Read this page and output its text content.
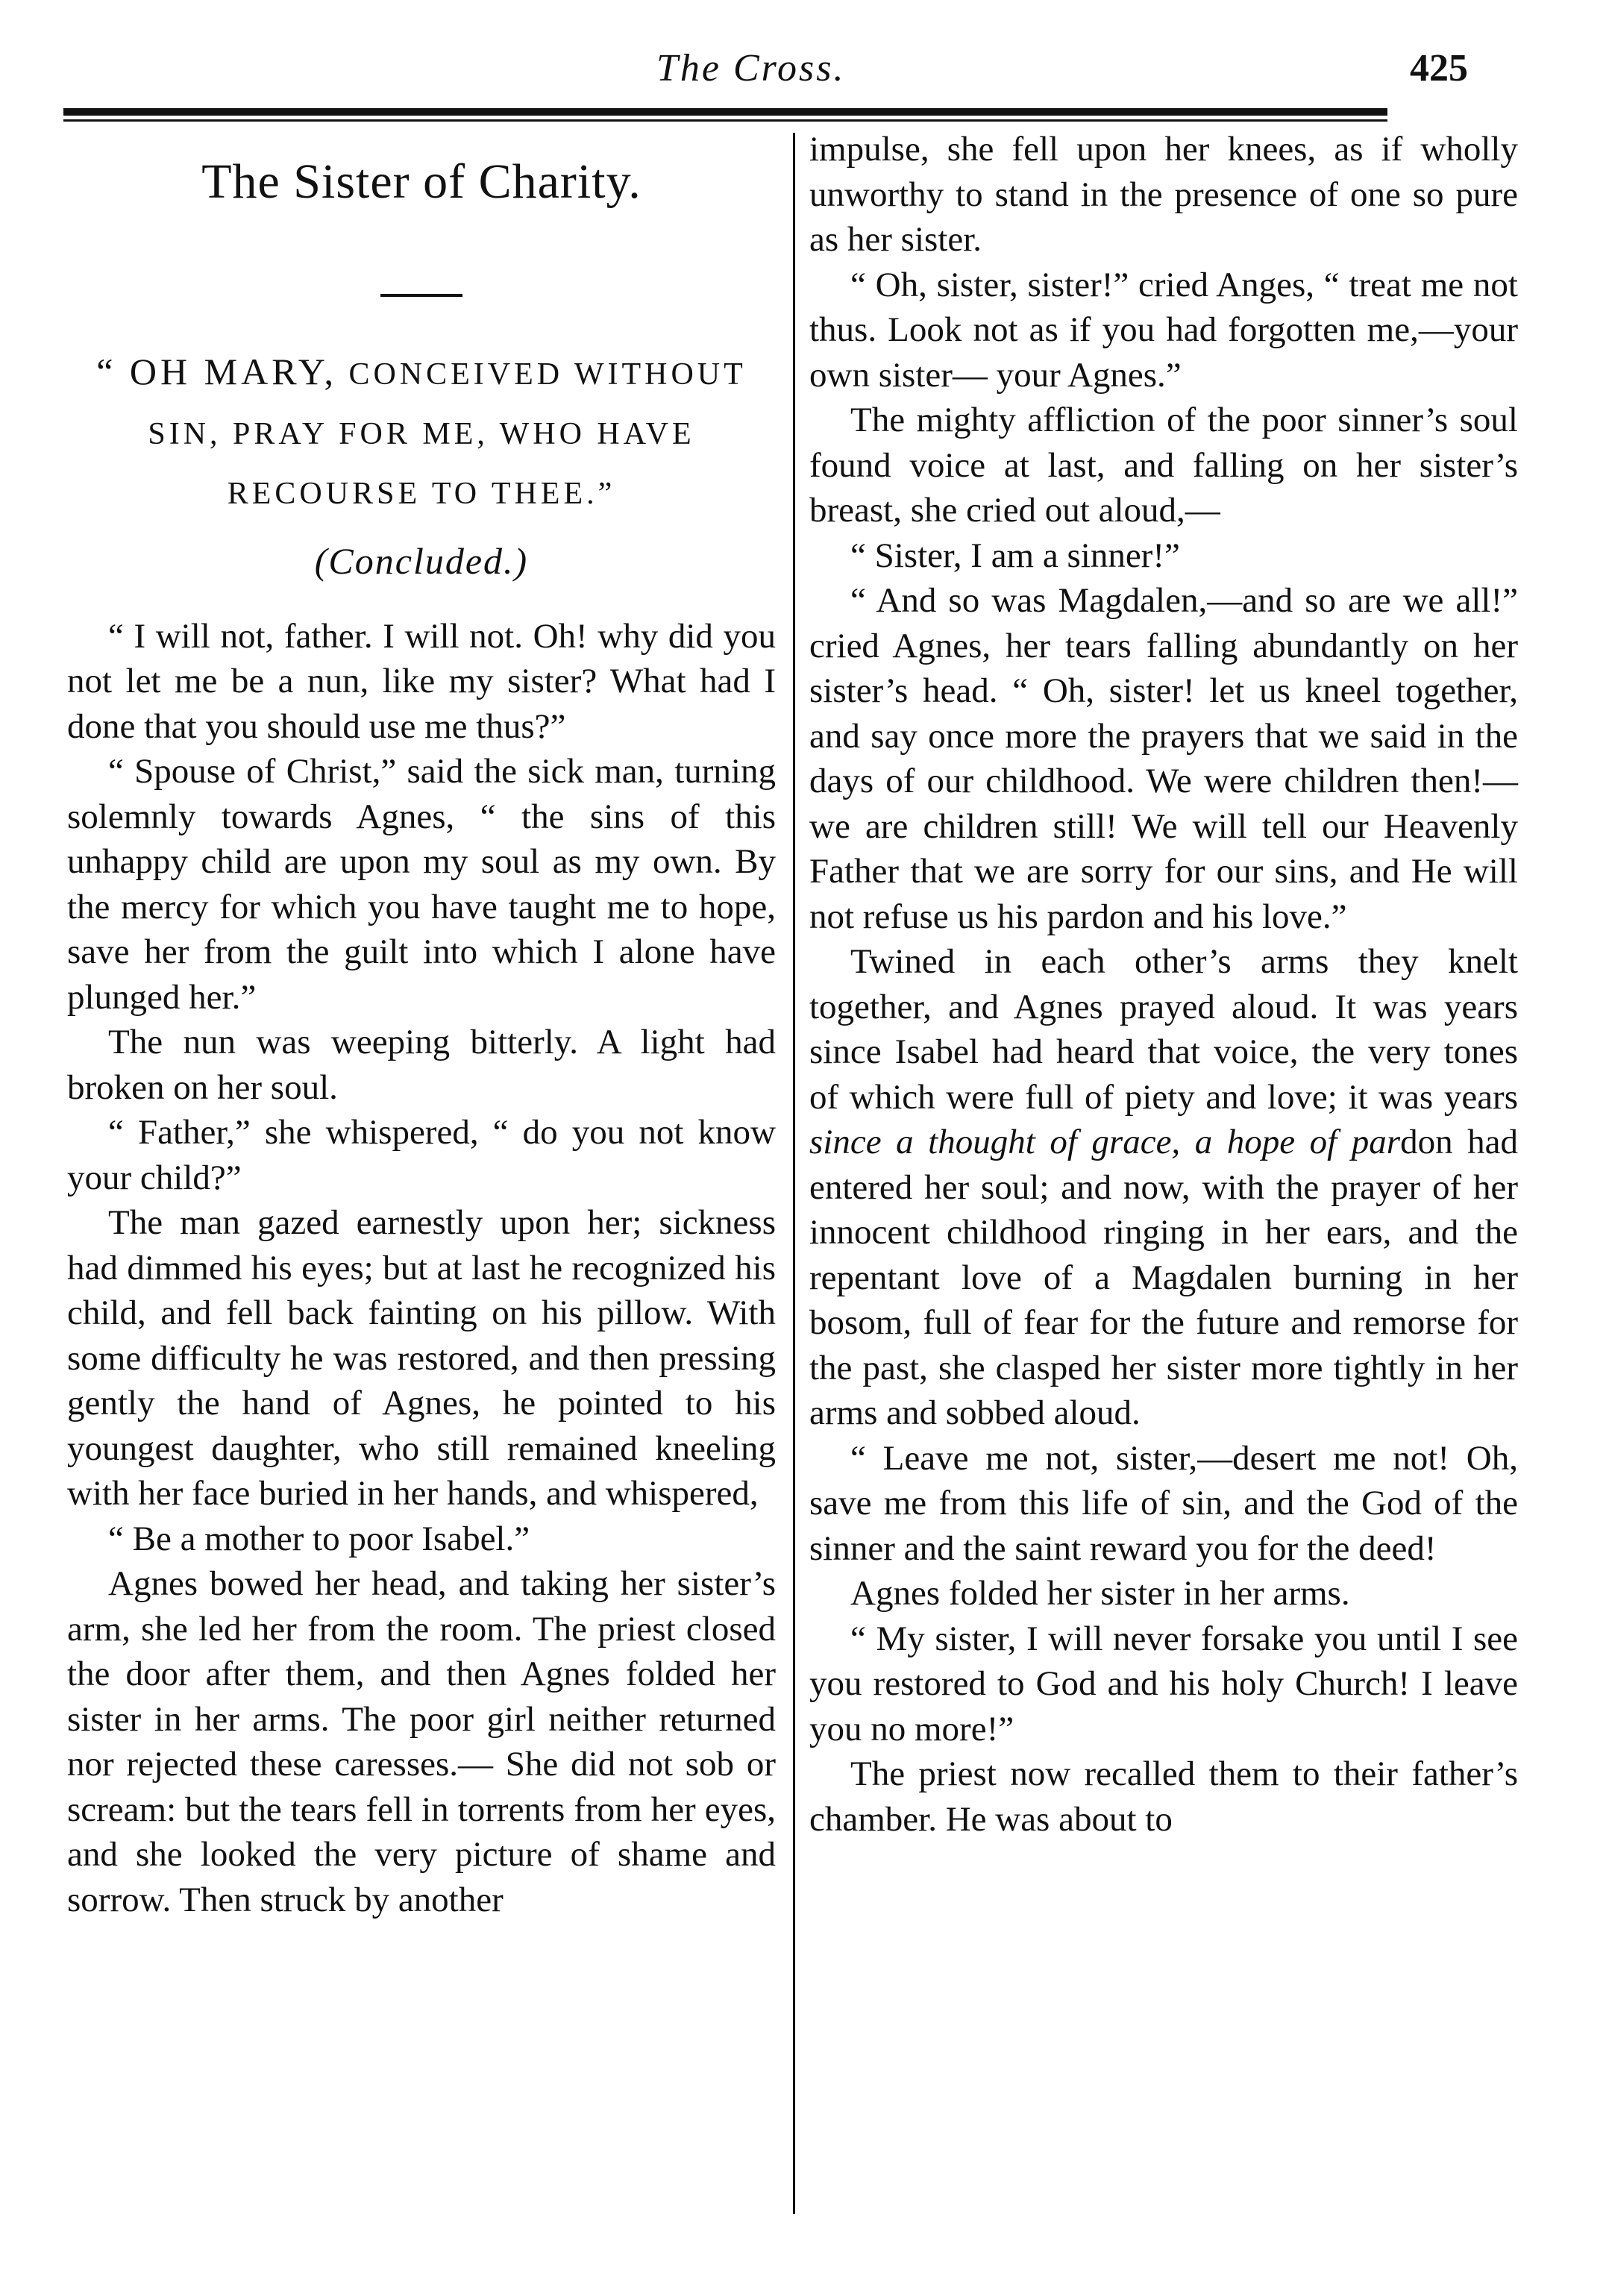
The Cross.	425
The Sister of Charity.
“ OH MARY, CONCEIVED WITHOUT SIN, PRAY FOR ME, WHO HAVE RECOURSE TO THEE.”
(Concluded.)

“ I will not, father. I will not. Oh! why did you not let me be a nun, like my sister? What had I done that you should use me thus?”

“ Spouse of Christ,” said the sick man, turning solemnly towards Agnes, “ the sins of this unhappy child are upon my soul as my own. By the mercy for which you have taught me to hope, save her from the guilt into which I alone have plunged her.”

The nun was weeping bitterly. A light had broken on her soul.

“ Father,” she whispered, “ do you not know your child?”

The man gazed earnestly upon her; sickness had dimmed his eyes; but at last he recognized his child, and fell back fainting on his pillow. With some difficulty he was restored, and then pressing gently the hand of Agnes, he pointed to his youngest daughter, who still remained kneeling with her face buried in her hands, and whispered,

“ Be a mother to poor Isabel.”

Agnes bowed her head, and taking her sister’s arm, she led her from the room. The priest closed the door after them, and then Agnes folded her sister in her arms. The poor girl neither returned nor rejected these caresses.— She did not sob or scream: but the tears fell in torrents from her eyes, and she looked the very picture of shame and sorrow. Then struck by another

impulse, she fell upon her knees, as if wholly unworthy to stand in the presence of one so pure as her sister.

“ Oh, sister, sister!” cried Anges, “ treat me not thus. Look not as if you had forgotten me,—your own sister— your Agnes.”

The mighty affliction of the poor sinner’s soul found voice at last, and falling on her sister’s breast, she cried out aloud,—

“ Sister, I am a sinner!”

“ And so was Magdalen,—and so are we all!” cried Agnes, her tears falling abundantly on her sister’s head. “ Oh, sister! let us kneel together, and say once more the prayers that we said in the days of our childhood. We were children then!—we are children still! We will tell our Heavenly Father that we are sorry for our sins, and He will not refuse us his pardon and his love.”

Twined in each other’s arms they knelt together, and Agnes prayed aloud. It was years since Isabel had heard that voice, the very tones of which were full of piety and love; it was years since a thought of grace, a hope of pardon had entered her soul; and now, with the prayer of her innocent childhood ringing in her ears, and the repentant love of a Magdalen burning in her bosom, full of fear for the future and remorse for the past, she clasped her sister more tightly in her arms and sobbed aloud.

“ Leave me not, sister,—desert me not! Oh, save me from this life of sin, and the God of the sinner and the saint reward you for the deed!

Agnes folded her sister in her arms.

“ My sister, I will never forsake you until I see you restored to God and his holy Church! I leave you no more!”

The priest now recalled them to their father’s chamber. He was about to
